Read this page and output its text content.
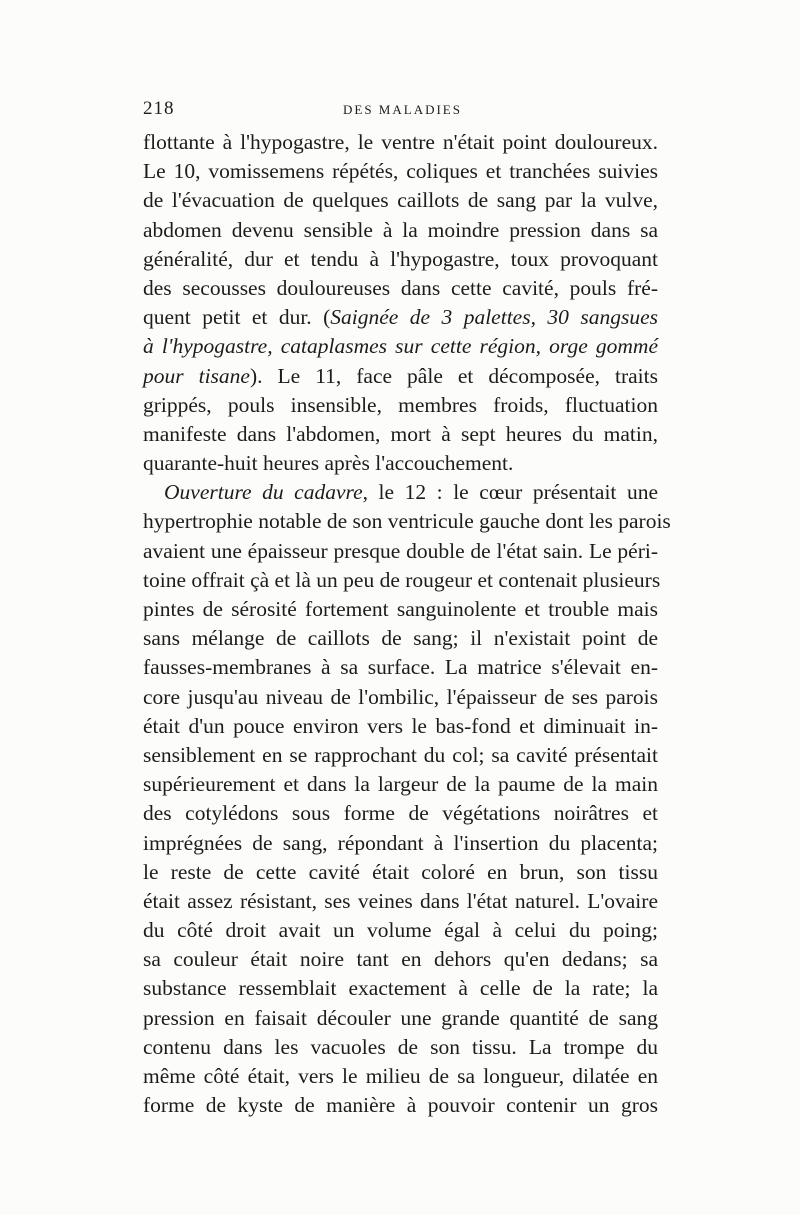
218	DES MALADIES
flottante à l'hypogastre, le ventre n'était point douloureux.
Le 10, vomissemens répétés, coliques et tranchées suivies
de l'évacuation de quelques caillots de sang par la vulve,
abdomen devenu sensible à la moindre pression dans sa
généralité, dur et tendu à l'hypogastre, toux provoquant
des secousses douloureuses dans cette cavité, pouls fré-
quent petit et dur. (Saignée de 3 palettes, 30 sangsues
à l'hypogastre, cataplasmes sur cette région, orge gommé
pour tisane). Le 11, face pâle et décomposée, traits
grippés, pouls insensible, membres froids, fluctuation
manifeste dans l'abdomen, mort à sept heures du matin,
quarante-huit heures après l'accouchement.
Ouverture du cadavre, le 12 : le cœur présentait une
hypertrophie notable de son ventricule gauche dont les parois
avaient une épaisseur presque double de l'état sain. Le péri-
toine offrait çà et là un peu de rougeur et contenait plusieurs
pintes de sérosité fortement sanguinolente et trouble mais
sans mélange de caillots de sang; il n'existait point de
fausses-membranes à sa surface. La matrice s'élevait en-
core jusqu'au niveau de l'ombilic, l'épaisseur de ses parois
était d'un pouce environ vers le bas-fond et diminuait in-
sensiblement en se rapprochant du col; sa cavité présentait
supérieurement et dans la largeur de la paume de la main
des cotylédons sous forme de végétations noirâtres et
imprégnées de sang, répondant à l'insertion du placenta;
le reste de cette cavité était coloré en brun, son tissu
était assez résistant, ses veines dans l'état naturel. L'ovaire
du côté droit avait un volume égal à celui du poing;
sa couleur était noire tant en dehors qu'en dedans; sa
substance ressemblait exactement à celle de la rate; la
pression en faisait découler une grande quantité de sang
contenu dans les vacuoles de son tissu. La trompe du
même côté était, vers le milieu de sa longueur, dilatée en
forme de kyste de manière à pouvoir contenir un gros
